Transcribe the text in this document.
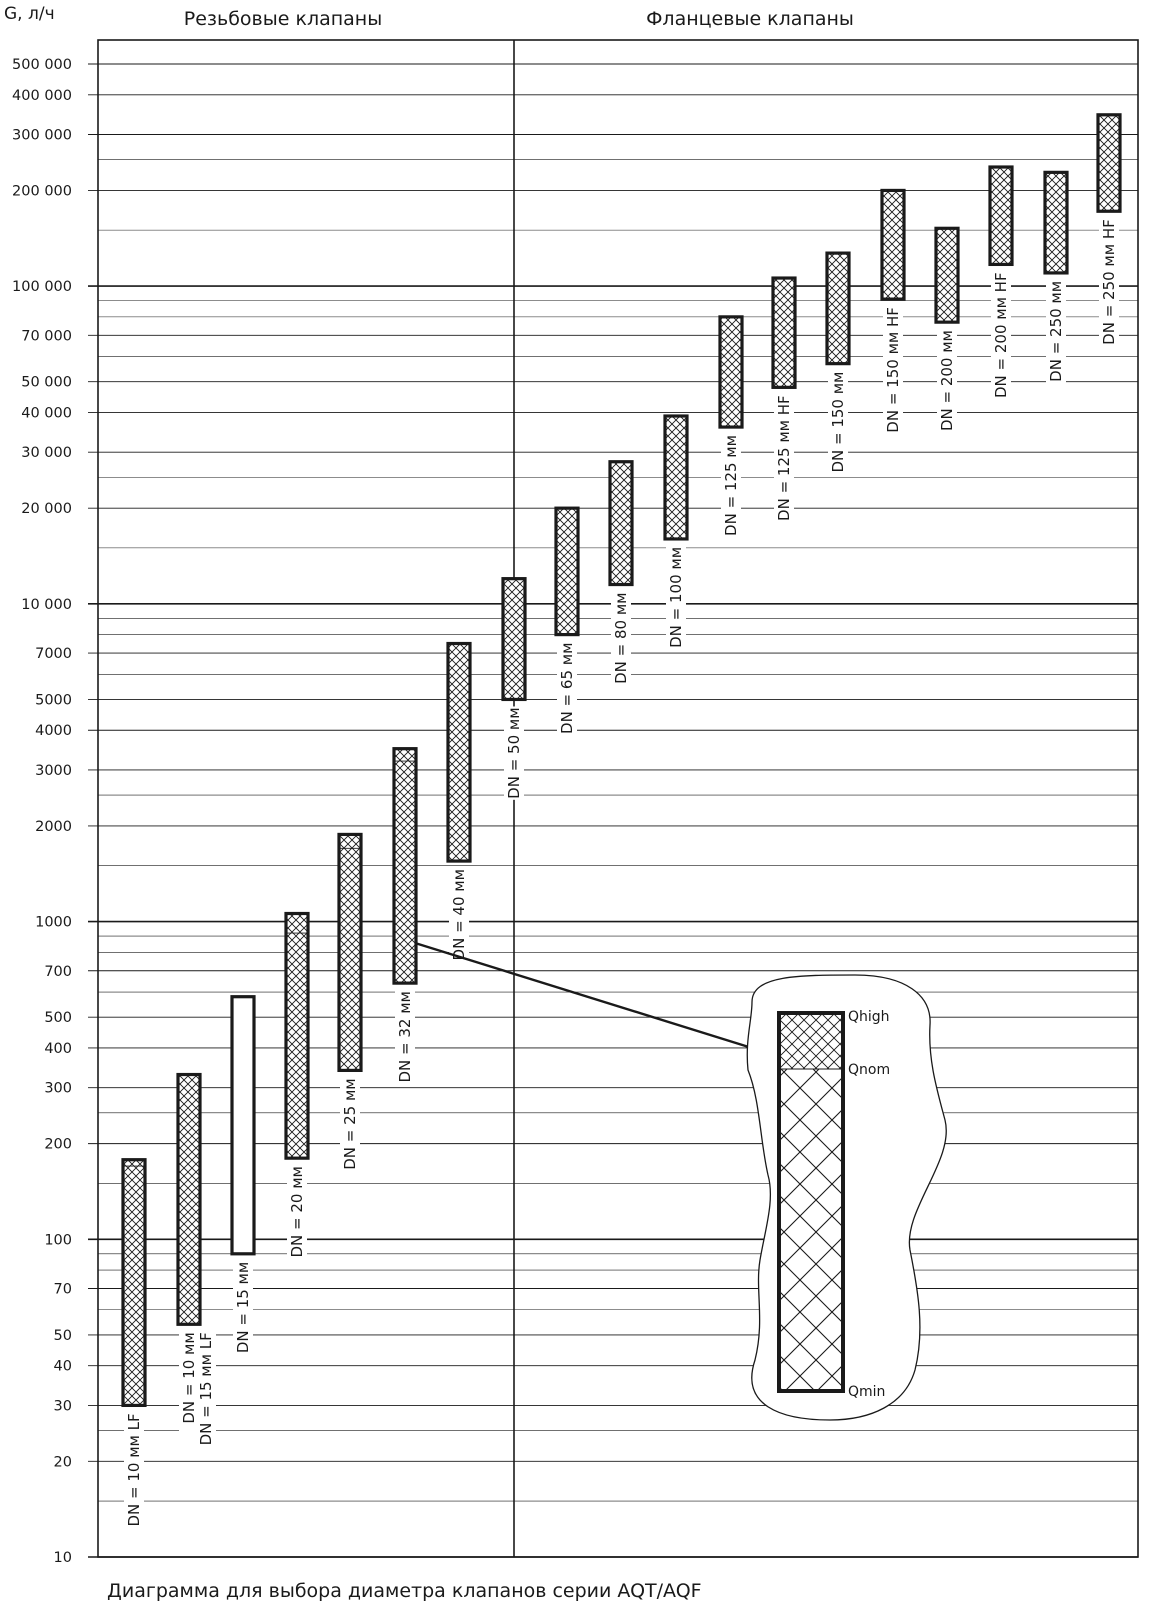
10
20
30
40
50
70
100
200
300
400
500
700
1000
2000
3000
4000
5000
7000
10 000
20 000
30 000
40 000
50 000
70 000
100 000
200 000
300 000
400 000
500 000
G, л/ч	Резьбовые клапаны	Фланцевые клапаны
DN = 10 мм LF
DN = 10 ммDN = 15 мм LF
DN = 15 мм
DN = 20 мм
DN = 25 мм
DN = 32 мм
DN = 40 мм
DN = 50 мм
DN = 65 мм
DN = 80 мм DN = 100 мм
DN = 125 мм DN = 125 мм HF DN = 150 мм DN = 150 мм HF DN = 200 мм DN = 200 мм HF DN = 250 мм DN = 250 мм HF
Qhigh
Qnom
Qmin
Диаграмма для выбора диаметра клапанов серии AQT/AQF
